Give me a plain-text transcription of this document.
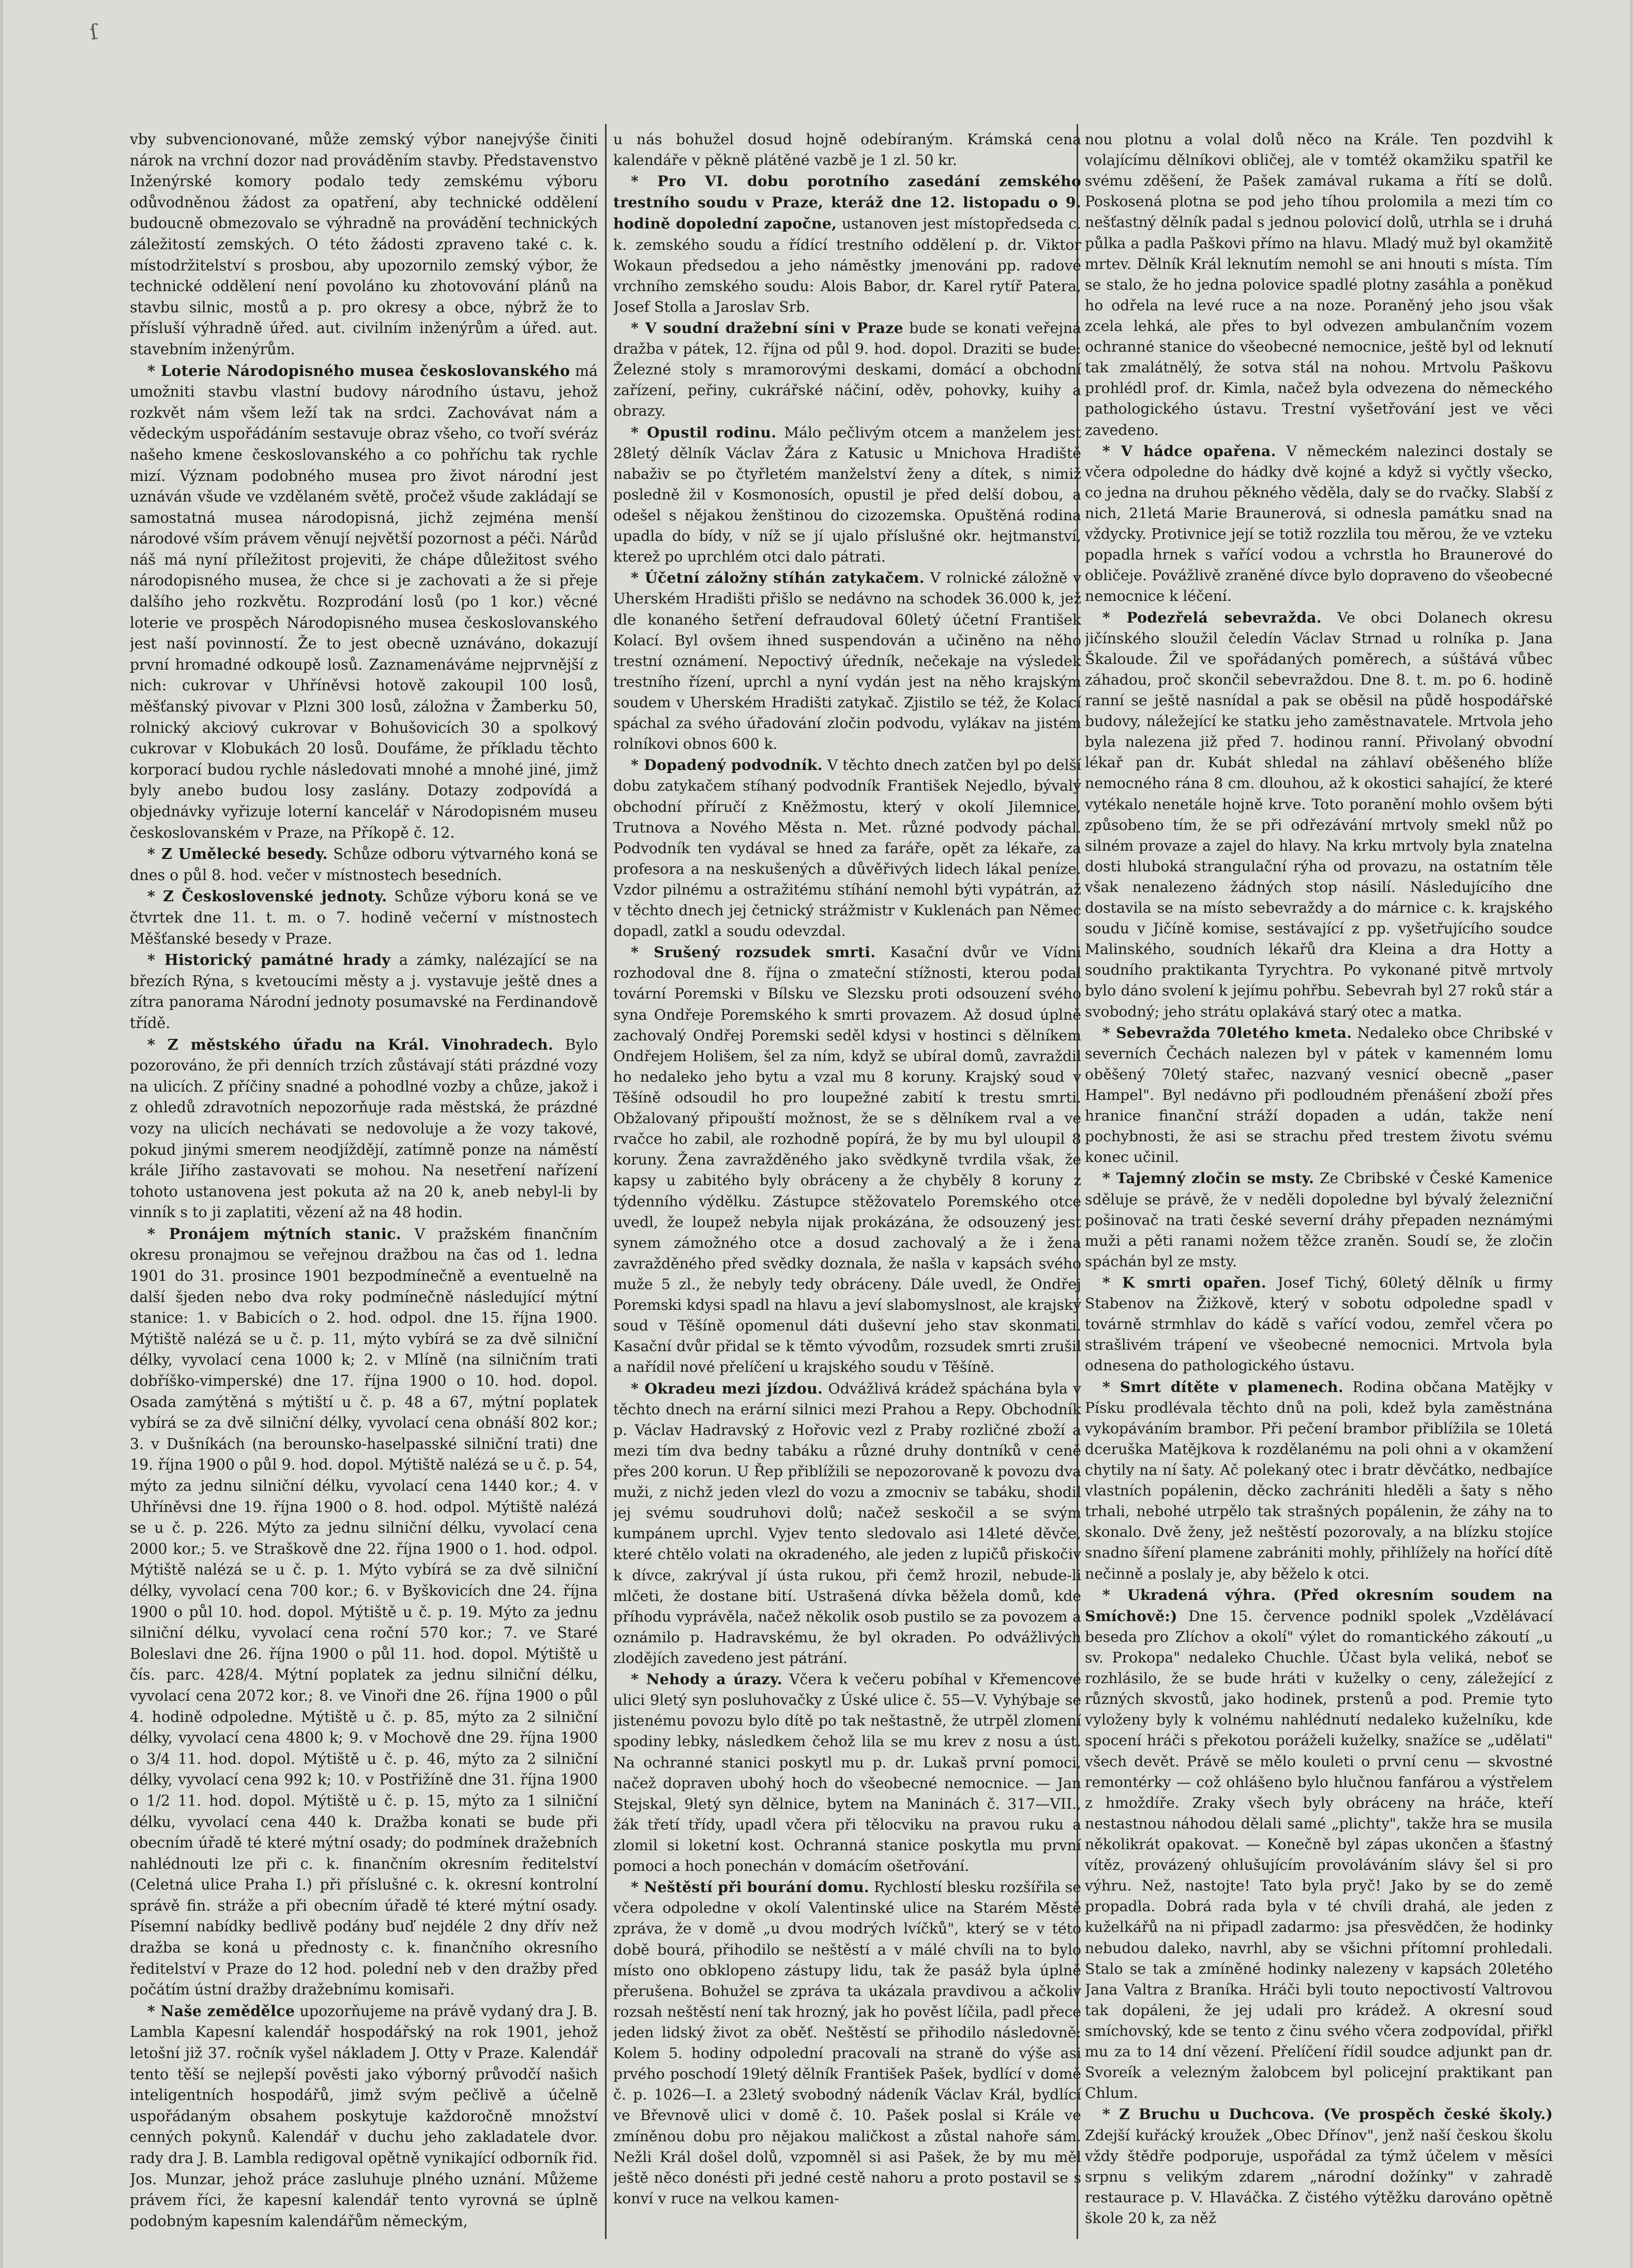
ſ

vby subvencionované, může zemský výbor nanejvýše činiti nárok na vrchní dozor nad prováděním stavby. Představenstvo Inženýrské komory podalo tedy zemskému výboru odůvodněnou žádost za opatření, aby technické oddělení budoucně obmezovalo se výhradně na provádění technických záležitostí zemských. O této žádosti zpraveno také c. k. místodržitelství s prosbou, aby upozornilo zemský výbor, že technické oddělení není povoláno ku zhotovování plánů na stavbu silnic, mostů a p. pro okresy a obce, nýbrž že to přísluší výhradně úřed. aut. civilním inženýrům a úřed. aut. stavebním inženýrům.

* Loterie Národopisného musea českoslovanského má umožniti stavbu vlastní budovy národního ústavu, jehož rozkvět nám všem leží tak na srdci. Zachovávat nám a vědeckým uspořádáním sestavuje obraz všeho, co tvoří svéráz našeho kmene českoslovanského a co pohříchu tak rychle mizí. Význam podobného musea pro život národní jest uznáván všude ve vzdělaném světě, pročež všude zakládají se samostatná musea národopisná, jichž zejména menší národové vším právem věnují největší pozornost a péči. Nárůd náš má nyní příležitost projeviti, že chápe důležitost svého národopisného musea, že chce si je zachovati a že si přeje dalšího jeho rozkvětu. Rozprodání losů (po 1 kor.) věcné loterie ve prospěch Národopisného musea českoslovanského jest naší povinností. Že to jest obecně uznáváno, dokazují první hromadné odkoupě losů. Zaznamenáváme nejprvnější z nich: cukrovar v Uhříněvsi hotově zakoupil 100 losů, měšťanský pivovar v Plzni 300 losů, záložna v Žamberku 50, rolnický akciový cukrovar v Bohušovicích 30 a spolkový cukrovar v Klobukách 20 losů. Doufáme, že příkladu těchto korporací budou rychle následovati mnohé a mnohé jiné, jimž byly anebo budou losy zaslány. Dotazy zodpovídá a objednávky vyřizuje loterní kancelář v Národopisném museu českoslovanském v Praze, na Příkopě č. 12.

* Z Umělecké besedy. Schůze odboru výtvarného koná se dnes o půl 8. hod. večer v místnostech besedních.

* Z Československé jednoty. Schůze výboru koná se ve čtvrtek dne 11. t. m. o 7. hodině večerní v místnostech Měšťanské besedy v Praze.

* Historický památné hrady a zámky, nalézající se na březích Rýna, s kvetoucími městy a j. vystavuje ještě dnes a zítra panorama Národní jednoty posumavské na Ferdinandově třídě.

* Z městského úřadu na Král. Vinohradech. Bylo pozorováno, že při denních trzích zůstávají státi prázdné vozy na ulicích. Z příčiny snadné a pohodlné vozby a chůze, jakož i z ohledů zdravotních nepozorňuje rada městská, že prázdné vozy na ulicích nechávati se nedovoluje a že vozy takové, pokud jinými smerem neodjíždějí, zatímně ponze na náměstí krále Jiřího zastavovati se mohou. Na nesetření nařízení tohoto ustanovena jest pokuta až na 20 k, aneb nebyl-li by vinník s to ji zaplatiti, vězení až na 48 hodin.

* Pronájem mýtních stanic. V pražském finančním okresu pronajmou se veřejnou dražbou na čas od 1. ledna 1901 do 31. prosince 1901 bezpodmínečně a eventuelně na další šjeden nebo dva roky podmínečně následující mýtní stanice: 1. v Babicích o 2. hod. odpol. dne 15. října 1900. Mýtiště nalézá se u č. p. 11, mýto vybírá se za dvě silniční délky, vyvolací cena 1000 k; 2. v Mlíně (na silničním trati dobříško-vimperské) dne 17. října 1900 o 10. hod. dopol. Osada zamýtěná s mýtiští u č. p. 48 a 67, mýtní poplatek vybírá se za dvě silniční délky, vyvolací cena obnáší 802 kor.; 3. v Dušníkách (na berounsko-haselpasské silniční trati) dne 19. října 1900 o půl 9. hod. dopol. Mýtiště nalézá se u č. p. 54, mýto za jednu silniční délku, vyvolací cena 1440 kor.; 4. v Uhříněvsi dne 19. října 1900 o 8. hod. odpol. Mýtiště nalézá se u č. p. 226. Mýto za jednu silniční délku, vyvolací cena 2000 kor.; 5. ve Straškově dne 22. října 1900 o 1. hod. odpol. Mýtiště nalézá se u č. p. 1. Mýto vybírá se za dvě silniční délky, vyvolací cena 700 kor.; 6. v Byškovicích dne 24. října 1900 o půl 10. hod. dopol. Mýtiště u č. p. 19. Mýto za jednu silniční délku, vyvolací cena roční 570 kor.; 7. ve Staré Boleslavi dne 26. října 1900 o půl 11. hod. dopol. Mýtiště u čís. parc. 428/4. Mýtní poplatek za jednu silniční délku, vyvolací cena 2072 kor.; 8. ve Vinoři dne 26. října 1900 o půl 4. hodině odpoledne. Mýtiště u č. p. 85, mýto za 2 silniční délky, vyvolací cena 4800 k; 9. v Mochově dne 29. října 1900 o 3/4 11. hod. dopol. Mýtiště u č. p. 46, mýto za 2 silniční délky, vyvolací cena 992 k; 10. v Postřižíně dne 31. října 1900 o 1/2 11. hod. dopol. Mýtiště u č. p. 15, mýto za 1 silniční délku, vyvolací cena 440 k. Dražba konati se bude při obecním úřadě té které mýtní osady; do podmínek dražebních nahlédnouti lze při c. k. finančním okresním ředitelství (Celetná ulice Praha I.) při příslušné c. k. okresní kontrolní správě fin. stráže a při obecním úřadě té které mýtní osady. Písemní nabídky bedlivě podány buď nejdéle 2 dny dřív než dražba se koná u přednosty c. k. finančního okresního ředitelství v Praze do 12 hod. polední neb v den dražby před počátím ústní dražby dražebnímu komisaři.

* Naše zemědělce upozorňujeme na právě vydaný dra J. B. Lambla Kapesní kalendář hospodářský na rok 1901, jehož letošní již 37. ročník vyšel nákladem J. Otty v Praze. Kalendář tento těší se nejlepší pověsti jako výborný průvodčí našich inteligentních hospodářů, jimž svým pečlivě a účelně uspořádaným obsahem poskytuje každoročně množství cenných pokynů. Kalendář v duchu jeho zakladatele dvor. rady dra J. B. Lambla redigoval opětně vynikající odborník řid. Jos. Munzar, jehož práce zasluhuje plného uznání. Můžeme právem říci, že kapesní kalendář tento vyrovná se úplně podobným kapesním kalendářům německým,

u nás bohužel dosud hojně odebíraným. Krámská cena kalendáře v pěkně plátěné vazbě je 1 zl. 50 kr.

* Pro VI. dobu porotního zasedání zemského trestního soudu v Praze, kteráž dne 12. listopadu o 9. hodině dopolední započne, ustanoven jest místopředseda c. k. zemského soudu a řídící trestního oddělení p. dr. Viktor Wokaun předsedou a jeho náměstky jmenováni pp. radové vrchního zemského soudu: Alois Babor, dr. Karel rytíř Patera, Josef Stolla a Jaroslav Srb.

* V soudní dražební síni v Praze bude se konati veřejná dražba v pátek, 12. října od půl 9. hod. dopol. Draziti se bude: Železné stoly s mramorovými deskami, domácí a obchodní zařízení, peřiny, cukrářské náčiní, oděv, pohovky, kuihy a obrazy.

* Opustil rodinu. Málo pečlivým otcem a manželem jest 28letý dělník Václav Žára z Katusic u Mnichova Hradiště nabaživ se po čtyřletém manželství ženy a dítek, s nimiž posledně žil v Kosmonosích, opustil je před delší dobou, a odešel s nějakou ženštinou do cizozemska. Opuštěná rodina upadla do bídy, v níž se jí ujalo příslušné okr. hejtmanství, kterež po uprchlém otci dalo pátrati.

* Účetní záložny stíhán zatykačem. V rolnické záložně v Uherském Hradišti přišlo se nedávno na schodek 36.000 k, jež dle konaného šetření defraudoval 60letý účetní František Kolací. Byl ovšem ihned suspendován a učiněno na něho trestní oznámení. Nepoctivý úředník, nečekaje na výsledek trestního řízení, uprchl a nyní vydán jest na něho krajským soudem v Uherském Hradišti zatykač. Zjistilo se též, že Kolací spáchal za svého úřadování zločin podvodu, vylákav na jistém rolníkovi obnos 600 k.

* Dopadený podvodník. V těchto dnech zatčen byl po delší dobu zatykačem stíhaný podvodník František Nejedlo, bývalý obchodní příručí z Kněžmostu, který v okolí Jilemnice, Trutnova a Nového Města n. Met. různé podvody páchal. Podvodník ten vydával se hned za faráře, opět za lékaře, za profesora a na neskušených a důvěřivých lidech lákal peníze. Vzdor pilnému a ostražitému stíhání nemohl býti vypátrán, až v těchto dnech jej četnický strážmistr v Kuklenách pan Němec dopadl, zatkl a soudu odevzdal.

* Srušený rozsudek smrti. Kasační dvůr ve Vídni rozhodoval dne 8. října o zmateční stížnosti, kterou podal tovární Poremski v Bílsku ve Slezsku proti odsouzení svého syna Ondřeje Poremského k smrti provazem. Až dosud úplně zachovalý Ondřej Poremski seděl kdysi v hostinci s dělníkem Ondřejem Holišem, šel za ním, když se ubíral domů, zavraždil ho nedaleko jeho bytu a vzal mu 8 koruny. Krajský soud v Těšíně odsoudil ho pro loupežné zabití k trestu smrti. Obžalovaný připouští možnost, že se s dělníkem rval a ve rvačce ho zabil, ale rozhodně popírá, že by mu byl uloupil 8 koruny. Žena zavražděného jako svědkyně tvrdila však, že kapsy u zabitého byly obráceny a že chyběly 8 koruny z týdenního výdělku. Zástupce stěžovatelo Poremského otce uvedl, že loupež nebyla nijak prokázána, že odsouzený jest synem zámožného otce a dosud zachovalý a že i žena zavražděného před svědky doznala, že našla v kapsách svého muže 5 zl., že nebyly tedy obráceny. Dále uvedl, že Ondřej Poremski kdysi spadl na hlavu a jeví slabomyslnost, ale krajský soud v Těšíně opomenul dáti duševní jeho stav skonmati. Kasační dvůr přidal se k těmto vývodům, rozsudek smrti zrušil a nařídil nové přelíčení u krajského soudu v Těšíně.

* Okradeu mezi jízdou. Odvážlivá krádež spáchána byla v těchto dnech na erární silnici mezi Prahou a Repy. Obchodník p. Václav Hadravský z Hořovic vezl z Praby rozličné zboží a mezi tím dva bedny tabáku a různé druhy dontníků v ceně přes 200 korun. U Řep přiblížili se nepozorovaně k povozu dva muži, z nichž jeden vlezl do vozu a zmocniv se tabáku, shodil jej svému soudruhovi dolů; načež seskočil a se svým kumpánem uprchl. Vyjev tento sledovalo asi 14leté děvče, které chtělo volati na okradeného, ale jeden z lupičů přiskočiv k dívce, zakrýval jí ústa rukou, při čemž hrozil, nebude-li mlčeti, že dostane bití. Ustrašená dívka běžela domů, kde příhodu vyprávěla, načež několik osob pustilo se za povozem a oznámilo p. Hadravskému, že byl okraden. Po odvážlivých zlodějích zavedeno jest pátrání.

* Nehody a úrazy. Včera k večeru pobíhal v Křemencové ulici 9letý syn posluhovačky z Úské ulice č. 55—V. Vyhýbaje se jistenému povozu bylo dítě po tak neštastně, že utrpěl zlomení spodiny lebky, následkem čehož lila se mu krev z nosu a úst. Na ochranné stanici poskytl mu p. dr. Lukaš první pomoci, načež dopraven ubohý hoch do všeobecné nemocnice. — Jan Stejskal, 9letý syn dělnice, bytem na Maninách č. 317—VII., žák třetí třídy, upadl včera při tělocviku na pravou ruku a zlomil si loketní kost. Ochranná stanice poskytla mu první pomoci a hoch ponechán v domácím ošetřování.

* Neštěstí při bourání domu. Rychlostí blesku rozšířila se včera odpoledne v okolí Valentinské ulice na Starém Městě zpráva, že v domě „u dvou modrých lvíčků", který se v této době bourá, přihodilo se neštěstí a v málé chvíli na to bylo místo ono obklopeno zástupy lidu, tak že pasáž byla úplně přerušena. Bohužel se zpráva ta ukázala pravdivou a ačkoliv rozsah neštěstí není tak hrozný, jak ho pověst líčila, padl přece jeden lidský život za oběť. Neštěstí se přihodilo následovně: Kolem 5. hodiny odpolední pracovali na straně do výše asi prvého poschodí 19letý dělník František Pašek, bydlící v domě č. p. 1026—I. a 23letý svobodný nádeník Václav Král, bydlící ve Břevnově ulici v domě č. 10. Pašek poslal si Krále ve zmíněnou dobu pro nějakou maličkost a zůstal nahoře sám. Nežli Král došel dolů, vzpomněl si asi Pašek, že by mu měl ještě něco donésti při jedné cestě nahoru a proto postavil se s konví v ruce na velkou kamen-

nou plotnu a volal dolů něco na Krále. Ten pozdvihl k volajícímu dělníkovi obličej, ale v tomtéž okamžiku spatřil ke svému zděšení, že Pašek zamával rukama a řítí se dolů. Poskosená plotna se pod jeho tíhou prolomila a mezi tím co nešťastný dělník padal s jednou polovicí dolů, utrhla se i druhá půlka a padla Paškovi přímo na hlavu. Mladý muž byl okamžitě mrtev. Dělník Král leknutím nemohl se ani hnouti s místa. Tím se stalo, že ho jedna polovice spadlé plotny zasáhla a poněkud ho odřela na levé ruce a na noze. Poraněný jeho jsou však zcela lehká, ale přes to byl odvezen ambulančním vozem ochranné stanice do všeobecné nemocnice, ještě byl od leknutí tak zmalátnělý, že sotva stál na nohou. Mrtvolu Paškovu prohlédl prof. dr. Kimla, načež byla odvezena do německého pathologického ústavu. Trestní vyšetřování jest ve věci zavedeno.

* V hádce opařena. V německém nalezinci dostaly se včera odpoledne do hádky dvě kojné a když si vyčtly všecko, co jedna na druhou pěkného věděla, daly se do rvačky. Slabší z nich, 21letá Marie Braunerová, si odnesla památku snad na vždycky. Protivnice její se totiž rozzlila tou měrou, že ve vzteku popadla hrnek s vařící vodou a vchrstla ho Braunerové do obličeje. Povážlivě zraněné dívce bylo dopraveno do všeobecné nemocnice k léčení.

* Podezřelá sebevražda. Ve obci Dolanech okresu jičínského sloužil čeledín Václav Strnad u rolníka p. Jana Škaloude. Žil ve spořádaných poměrech, a súštává vůbec záhadou, proč skončil sebevraždou. Dne 8. t. m. po 6. hodině ranní se ještě nasnídal a pak se oběsil na půdě hospodářské budovy, náležející ke statku jeho zaměstnavatele. Mrtvola jeho byla nalezena již před 7. hodinou ranní. Přivolaný obvodní lékař pan dr. Kubát shledal na záhlaví oběšeného blíže nemocného rána 8 cm. dlouhou, až k okostici sahající, že které vytékalo nenetále hojně krve. Toto poranění mohlo ovšem býti způsobeno tím, že se při odřezávání mrtvoly smekl nůž po silném provaze a zajel do hlavy. Na krku mrtvoly byla znatelna dosti hluboká strangulační rýha od provazu, na ostatním těle však nenalezeno žádných stop násilí. Následujícího dne dostavila se na místo sebevraždy a do márnice c. k. krajského soudu v Jičíně komise, sestávající z pp. vyšetřujícího soudce Malinského, soudních lékařů dra Kleina a dra Hotty a soudního praktikanta Tyrychtra. Po vykonané pitvě mrtvoly bylo dáno svolení k jejímu pohřbu. Sebevrah byl 27 roků stár a svobodný; jeho strátu oplakává starý otec a matka.

* Sebevražda 70letého kmeta. Nedaleko obce Chribské v severních Čechách nalezen byl v pátek v kamenném lomu oběšený 70letý stařec, nazvaný vesnicí obecně „paser Hampel". Byl nedávno při podloudném přenášení zboží přes hranice finanční stráží dopaden a udán, takže není pochybnosti, že asi se strachu před trestem životu svému konec učinil.

* Tajemný zločin se msty. Ze Cbribské v České Kamenice sděluje se právě, že v neděli dopoledne byl bývalý železniční pošinovač na trati české severní dráhy přepaden neznámými muži a pěti ranami nožem těžce zraněn. Soudí se, že zločin spáchán byl ze msty.

* K smrti opařen. Josef Tichý, 60letý dělník u firmy Stabenov na Žižkově, který v sobotu odpoledne spadl v továrně strmhlav do kádě s vařící vodou, zemřel včera po strašlivém trápení ve všeobecné nemocnici. Mrtvola byla odnesena do pathologického ústavu.

* Smrt dítěte v plamenech. Rodina občana Matějky v Písku prodlévala těchto dnů na poli, kdež byla zaměstnána vykopáváním brambor. Při pečení brambor přiblížila se 10letá dceruška Matějkova k rozdělanému na poli ohni a v okamžení chytily na ní šaty. Ač polekaný otec i bratr děvčátko, nedbajíce vlastních popálenin, děcko zachrániti hleděli a šaty s něho trhali, nebohé utrpělo tak strašných popálenin, že záhy na to skonalo. Dvě ženy, jež neštěstí pozorovaly, a na blízku stojíce snadno šíření plamene zabrániti mohly, přihlížely na hořící dítě nečinně a poslaly je, aby běželo k otci.

* Ukradená výhra. (Před okresním soudem na Smíchově:) Dne 15. července podnikl spolek „Vzdělávací beseda pro Zlíchov a okolí" výlet do romantického zákoutí „u sv. Prokopa" nedaleko Chuchle. Účast byla veliká, neboť se rozhlásilo, že se bude hráti v kuželky o ceny, záležející z různých skvostů, jako hodinek, prstenů a pod. Premie tyto vyloženy byly k volnému nahlédnutí nedaleko kuželníku, kde spocení hráči s překotou poráželi kuželky, snažíce se „udělati" všech devět. Právě se mělo kouleti o první cenu — skvostné remontérky — což ohlášeno bylo hlučnou fanfárou a výstřelem z hmoždíře. Zraky všech byly obráceny na hráče, kteří nestastnou náhodou dělali samé „plichty", takže hra se musila několikrát opakovat. — Konečně byl zápas ukončen a šťastný vítěz, provázený ohlušujícím provoláváním slávy šel si pro výhru. Než, nastojte! Tato byla pryč! Jako by se do země propadla. Dobrá rada byla v té chvíli drahá, ale jeden z kuželkářů na ni připadl zadarmo: jsa přesvědčen, že hodinky nebudou daleko, navrhl, aby se všichni přítomní prohledali. Stalo se tak a zmíněné hodinky nalezeny v kapsách 20letého Jana Valtra z Braníka. Hráči byli touto nepoctivostí Valtrovou tak dopáleni, že jej udali pro krádež. A okresní soud smíchovský, kde se tento z činu svého včera zodpovídal, přiřkl mu za to 14 dní vězení. Přelíčení řídil soudce adjunkt pan dr. Svoreík a velezným žalobcem byl policejní praktikant pan Chlum.

* Z Bruchu u Duchcova. (Ve prospěch české školy.) Zdejší kuřácký kroužek „Obec Dřínov", jenž naší českou školu vždy štědře podporuje, uspořádal za týmž účelem v měsíci srpnu s velikým zdarem „národní dožínky" v zahradě restaurace p. V. Hlaváčka. Z čistého výtěžku darováno opětně škole 20 k, za něž
